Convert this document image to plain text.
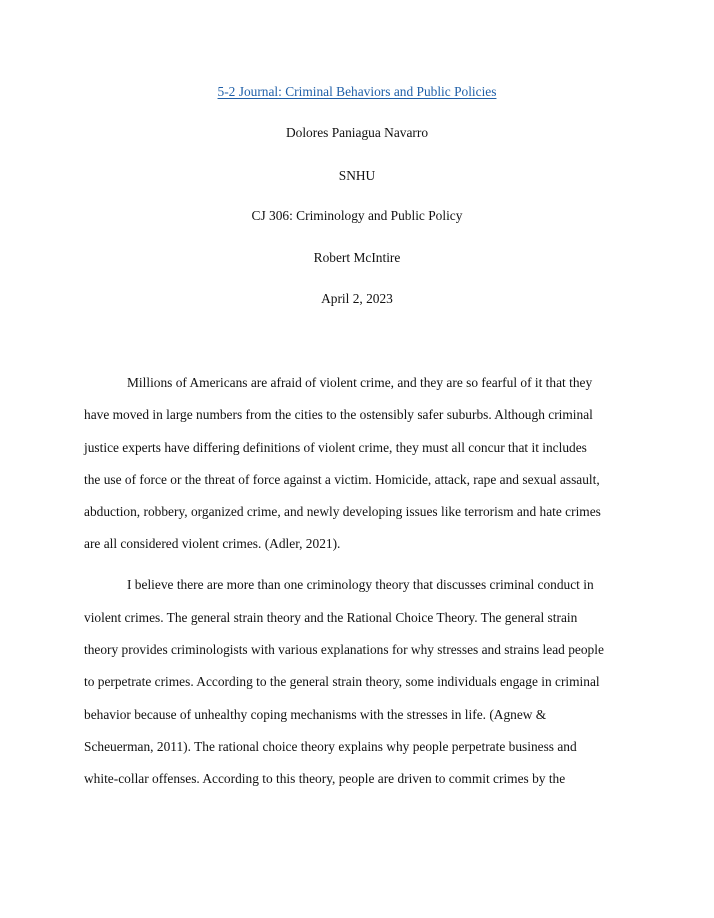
5-2 Journal: Criminal Behaviors and Public Policies
Dolores Paniagua Navarro
SNHU
CJ 306: Criminology and Public Policy
Robert McIntire
April 2, 2023
Millions of Americans are afraid of violent crime, and they are so fearful of it that they
have moved in large numbers from the cities to the ostensibly safer suburbs. Although criminal
justice experts have differing definitions of violent crime, they must all concur that it includes
the use of force or the threat of force against a victim. Homicide, attack, rape and sexual assault,
abduction, robbery, organized crime, and newly developing issues like terrorism and hate crimes
are all considered violent crimes. (Adler, 2021).
I believe there are more than one criminology theory that discusses criminal conduct in
violent crimes. The general strain theory and the Rational Choice Theory. The general strain
theory provides criminologists with various explanations for why stresses and strains lead people
to perpetrate crimes. According to the general strain theory, some individuals engage in criminal
behavior because of unhealthy coping mechanisms with the stresses in life. (Agnew &
Scheuerman, 2011). The rational choice theory explains why people perpetrate business and
white-collar offenses. According to this theory, people are driven to commit crimes by the
